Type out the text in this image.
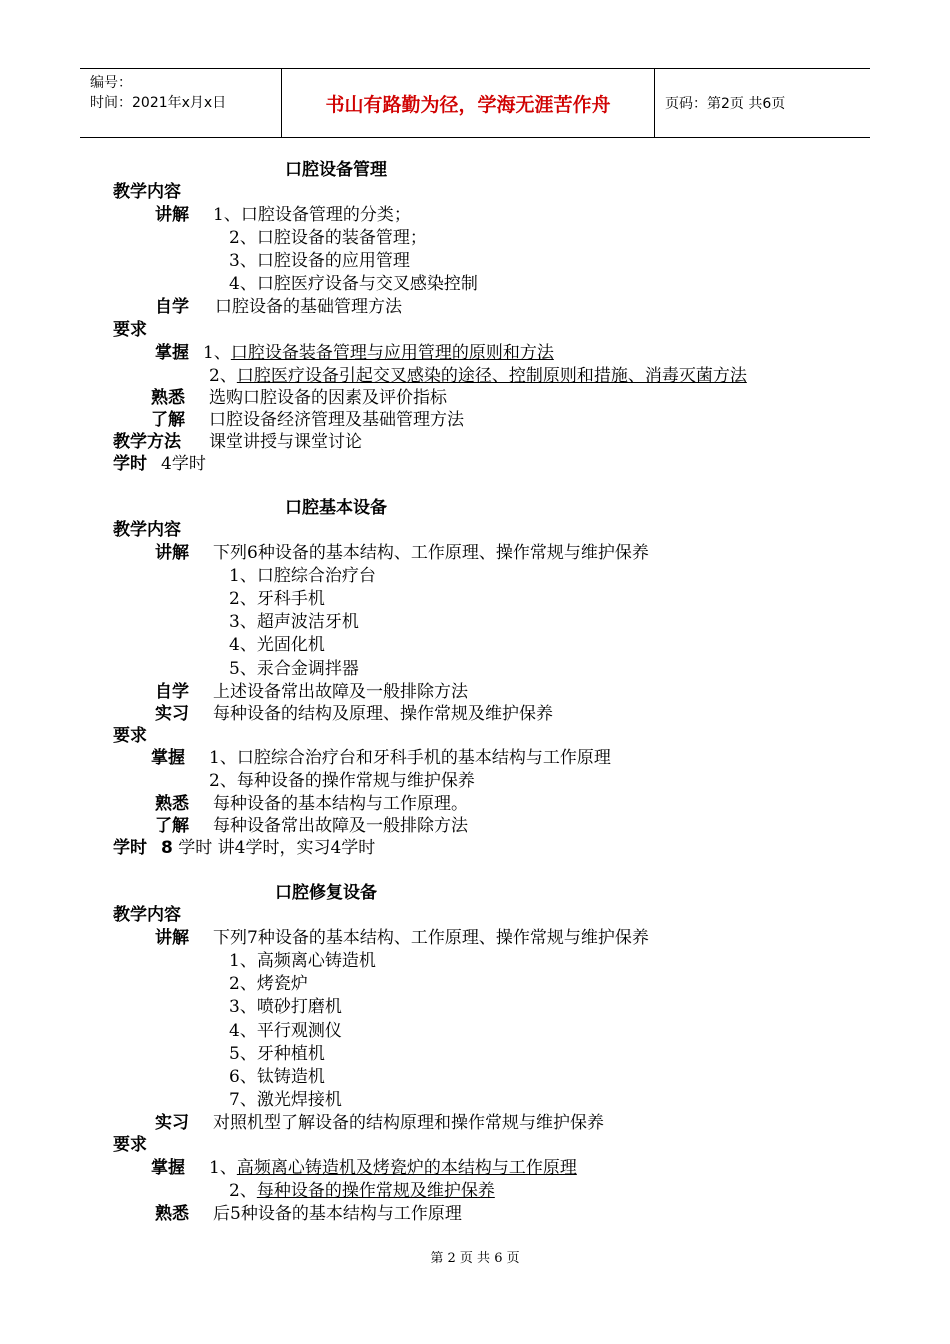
编号：
时间：2021年x月x日	书山有路勤为径，学海无涯苦作舟	页码：第2页 共6页
口腔设备管理
教学内容
讲解 1、口腔设备管理的分类；
2、口腔设备的装备管理；
3、口腔设备的应用管理
4、口腔医疗设备与交叉感染控制
自学 口腔设备的基础管理方法
要求
掌握 1、口腔设备装备管理与应用管理的原则和方法
2、口腔医疗设备引起交叉感染的途径、控制原则和措施、消毒灭菌方法
熟悉 选购口腔设备的因素及评价指标
了解 口腔设备经济管理及基础管理方法
教学方法 课堂讲授与课堂讨论
学时 4学时
口腔基本设备
教学内容
讲解 下列6种设备的基本结构、工作原理、操作常规与维护保养
1、口腔综合治疗台
2、牙科手机
3、超声波洁牙机
4、光固化机
5、汞合金调拌器
自学 上述设备常出故障及一般排除方法
实习 每种设备的结构及原理、操作常规及维护保养
要求
掌握 1、口腔综合治疗台和牙科手机的基本结构与工作原理
2、每种设备的操作常规与维护保养
熟悉 每种设备的基本结构与工作原理。
了解 每种设备常出故障及一般排除方法
学时 8 学时 讲4学时，实习4学时
口腔修复设备
教学内容
讲解 下列7种设备的基本结构、工作原理、操作常规与维护保养
1、高频离心铸造机
2、烤瓷炉
3、喷砂打磨机
4、平行观测仪
5、牙种植机
6、钛铸造机
7、激光焊接机
实习 对照机型了解设备的结构原理和操作常规与维护保养
要求
掌握 1、高频离心铸造机及烤瓷炉的本结构与工作原理
2、每种设备的操作常规及维护保养
熟悉 后5种设备的基本结构与工作原理
第 2 页 共 6 页
